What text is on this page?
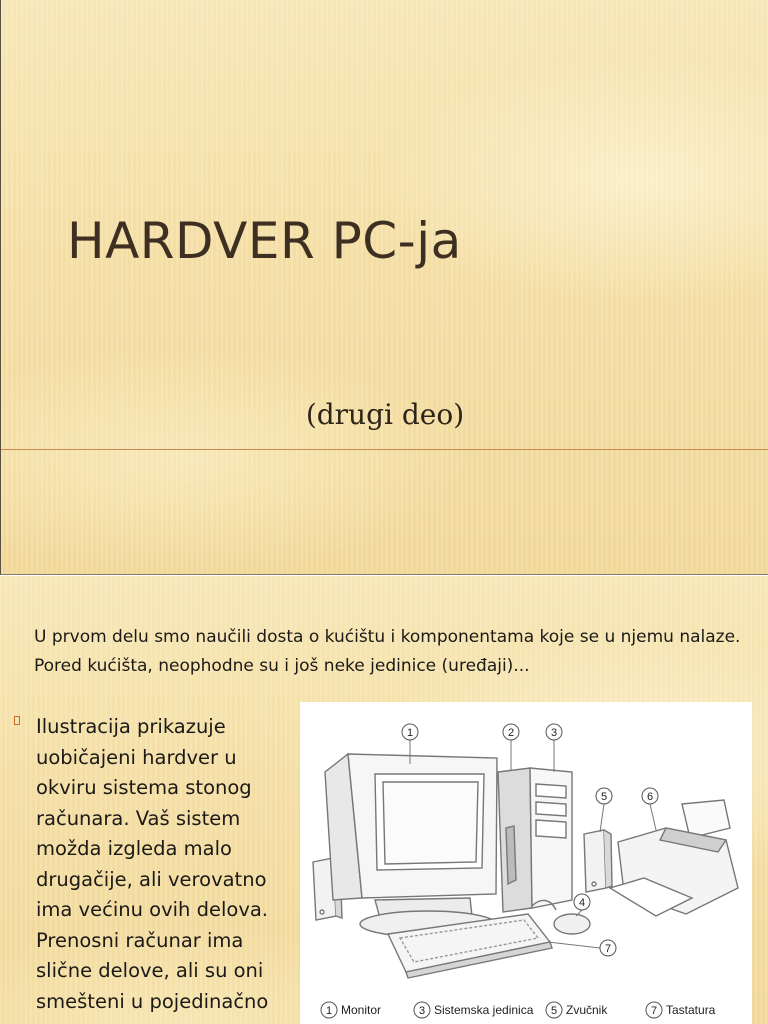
HARDVER PC-ja
(drugi deo)

U prvom delu smo naučili dosta o kućištu i komponentama koje se u njemu nalaze. Pored kućišta, neophodne su i još neke jedinice (uređaji)...

Ilustracija prikazuje uobičajeni hardver u okviru sistema stonog računara. Vaš sistem možda izgleda malo drugačije, ali verovatno ima većinu ovih delova. Prenosni računar ima slične delove, ali su oni smešteni u pojedinačno

1	2	3
4
5	6
7
1	3	5	7
Monitor	Sistemska jedinica	Zvučnik	Tastatura
